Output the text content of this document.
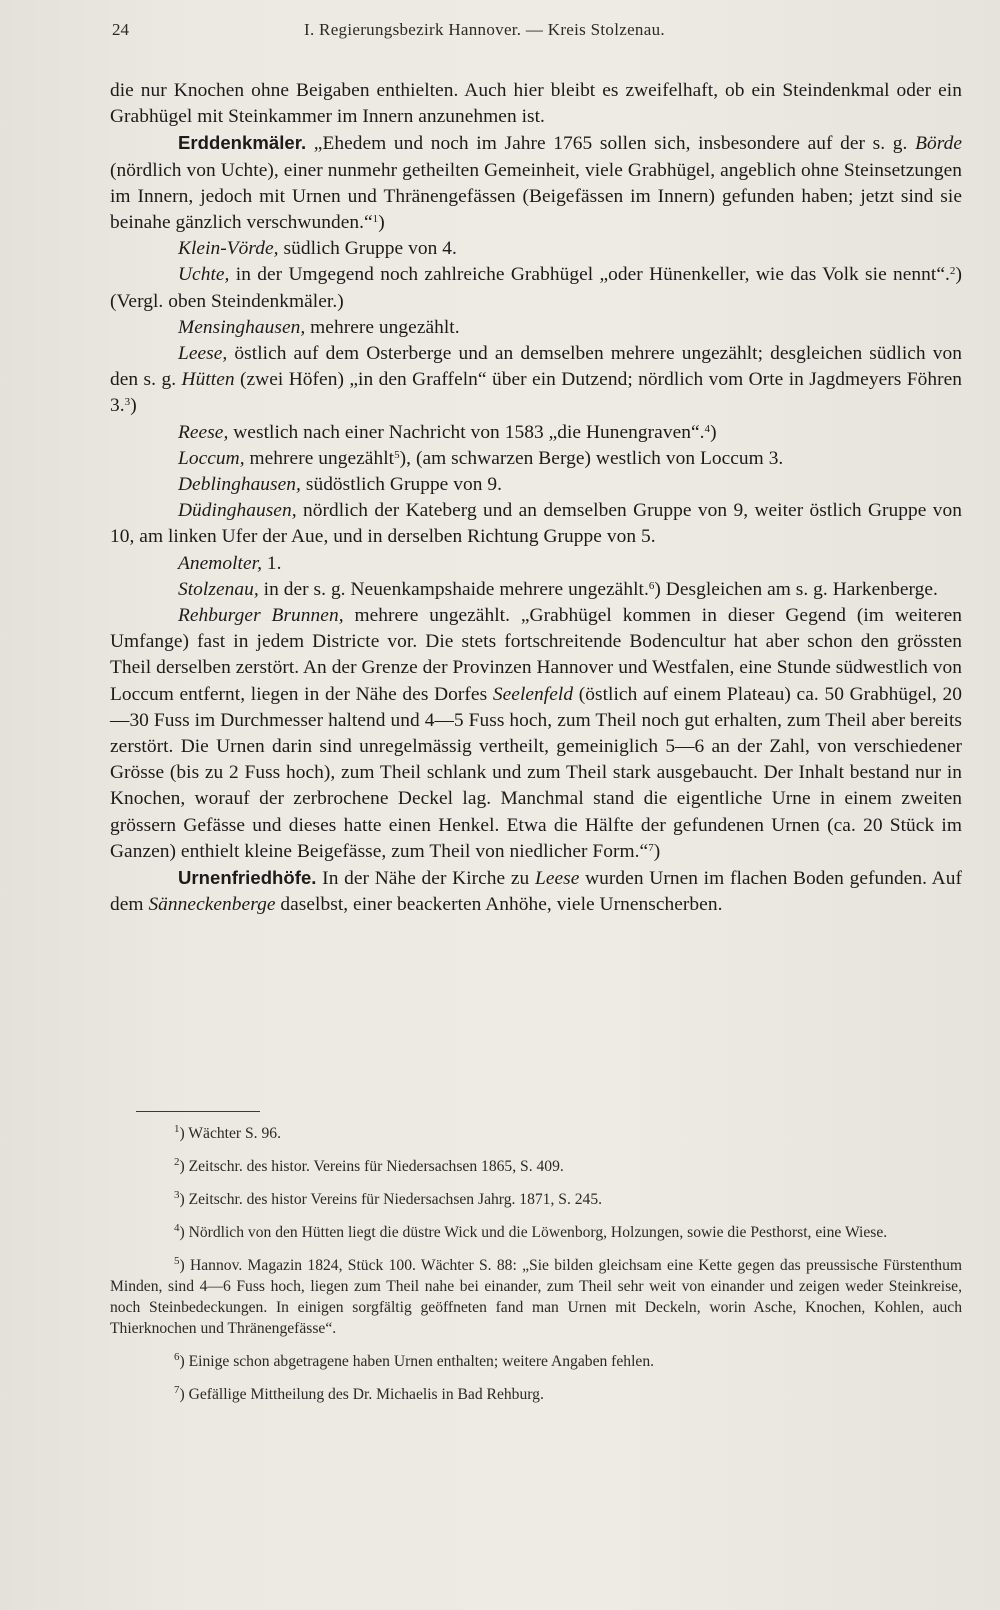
24	I. Regierungsbezirk Hannover. — Kreis Stolzenau.

die nur Knochen ohne Beigaben enthielten. Auch hier bleibt es zweifelhaft, ob ein Steindenkmal oder ein Grabhügel mit Steinkammer im Innern anzunehmen ist.

Erddenkmäler. „Ehedem und noch im Jahre 1765 sollen sich, insbesondere auf der s. g. Börde (nördlich von Uchte), einer nunmehr getheilten Gemeinheit, viele Grabhügel, angeblich ohne Steinsetzungen im Innern, jedoch mit Urnen und Thränengefässen (Beigefässen im Innern) gefunden haben; jetzt sind sie beinahe gänzlich verschwunden.“$^1$)

Klein-Vörde, südlich Gruppe von 4.

Uchte, in der Umgegend noch zahlreiche Grabhügel „oder Hünenkeller, wie das Volk sie nennt“.$^2$) (Vergl. oben Steindenkmäler.)

Mensinghausen, mehrere ungezählt.

Leese, östlich auf dem Osterberge und an demselben mehrere ungezählt; desgleichen südlich von den s. g. Hütten (zwei Höfen) „in den Graffeln“ über ein Dutzend; nördlich vom Orte in Jagdmeyers Föhren 3.$^3$)

Reese, westlich nach einer Nachricht von 1583 „die Hunengraven“.$^4$)

Loccum, mehrere ungezählt$^5$), (am schwarzen Berge) westlich von Loccum 3.

Deblinghausen, südöstlich Gruppe von 9.

Düdinghausen, nördlich der Kateberg und an demselben Gruppe von 9, weiter östlich Gruppe von 10, am linken Ufer der Aue, und in derselben Richtung Gruppe von 5.

Anemolter, 1.

Stolzenau, in der s. g. Neuenkampshaide mehrere ungezählt.$^6$) Desgleichen am s. g. Harkenberge.

Rehburger Brunnen, mehrere ungezählt. „Grabhügel kommen in dieser Gegend (im weiteren Umfange) fast in jedem Districte vor. Die stets fortschreitende Bodencultur hat aber schon den grössten Theil derselben zerstört. An der Grenze der Provinzen Hannover und Westfalen, eine Stunde südwestlich von Loccum entfernt, liegen in der Nähe des Dorfes Seelenfeld (östlich auf einem Plateau) ca. 50 Grabhügel, 20—30 Fuss im Durchmesser haltend und 4—5 Fuss hoch, zum Theil noch gut erhalten, zum Theil aber bereits zerstört. Die Urnen darin sind unregelmässig vertheilt, gemeiniglich 5—6 an der Zahl, von verschiedener Grösse (bis zu 2 Fuss hoch), zum Theil schlank und zum Theil stark ausgebaucht. Der Inhalt bestand nur in Knochen, worauf der zerbrochene Deckel lag. Manchmal stand die eigentliche Urne in einem zweiten grössern Gefässe und dieses hatte einen Henkel. Etwa die Hälfte der gefundenen Urnen (ca. 20 Stück im Ganzen) enthielt kleine Beigefässe, zum Theil von niedlicher Form.“$^7$)

Urnenfriedhöfe. In der Nähe der Kirche zu Leese wurden Urnen im flachen Boden gefunden. Auf dem Sänneckenberge daselbst, einer beackerten Anhöhe, viele Urnenscherben.

$^1$) Wächter S. 96.

$^2$) Zeitschr. des histor. Vereins für Niedersachsen 1865, S. 409.

$^3$) Zeitschr. des histor Vereins für Niedersachsen Jahrg. 1871, S. 245.

$^4$) Nördlich von den Hütten liegt die düstre Wick und die Löwenborg, Holzungen, sowie die Pesthorst, eine Wiese.

$^5$) Hannov. Magazin 1824, Stück 100. Wächter S. 88: „Sie bilden gleichsam eine Kette gegen das preussische Fürstenthum Minden, sind 4—6 Fuss hoch, liegen zum Theil nahe bei einander, zum Theil sehr weit von einander und zeigen weder Steinkreise, noch Steinbedeckungen. In einigen sorgfältig geöffneten fand man Urnen mit Deckeln, worin Asche, Knochen, Kohlen, auch Thierknochen und Thränengefässe“.

$^6$) Einige schon abgetragene haben Urnen enthalten; weitere Angaben fehlen.

$^7$) Gefällige Mittheilung des Dr. Michaelis in Bad Rehburg.
